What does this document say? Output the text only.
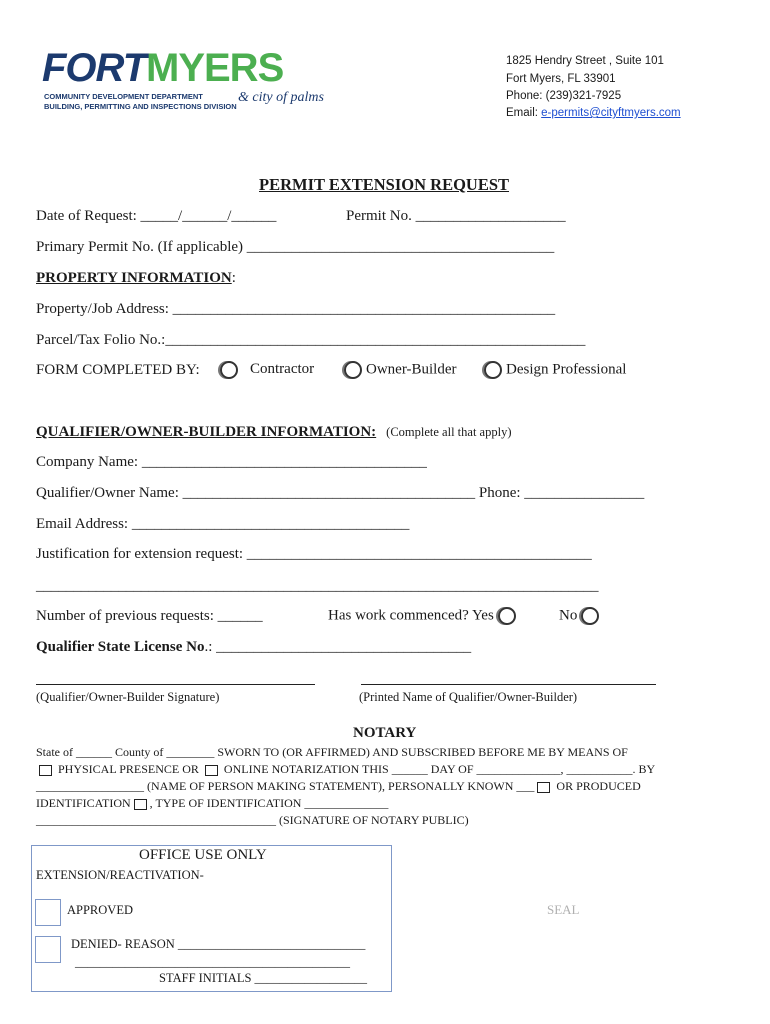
FORT MYERS
COMMUNITY DEVELOPMENT DEPARTMENT
BUILDING, PERMITTING AND INSPECTIONS DIVISION
& city of palms
1825 Hendry Street , Suite 101
Fort Myers, FL 33901
Phone: (239)321-7925
Email: e-permits@cityftmyers.com
PERMIT EXTENSION REQUEST
Date of Request: _____/______/______	Permit No. ____________________
Primary Permit No. (If applicable) _________________________________________
PROPERTY INFORMATION:
Property/Job Address: ___________________________________________________
Parcel/Tax Folio No.:________________________________________________________
FORM COMPLETED BY:	Contractor	Owner-Builder	Design Professional
QUALIFIER/OWNER-BUILDER INFORMATION: (Complete all that apply)
Company Name: ______________________________________
Qualifier/Owner Name: _______________________________________ Phone: ________________
Email Address: _____________________________________
Justification for extension request: ______________________________________________
___________________________________________________________________________
Number of previous requests: ______	Has work commenced? Yes	No
Qualifier State License No.: __________________________________
(Qualifier/Owner-Builder Signature)	(Printed Name of Qualifier/Owner-Builder)
NOTARY
State of ______ County of ________ SWORN TO (OR AFFIRMED) AND SUBSCRIBED BEFORE ME BY MEANS OF
PHYSICAL PRESENCE OR ONLINE NOTARIZATION THIS ______ DAY OF ______________, ___________. BY
__________________ (NAME OF PERSON MAKING STATEMENT), PERSONALLY KNOWN ___ OR PRODUCED
IDENTIFICATION , TYPE OF IDENTIFICATION ______________
________________________________________ (SIGNATURE OF NOTARY PUBLIC)
OFFICE USE ONLY
EXTENSION/REACTIVATION-
APPROVED
DENIED- REASON ______________________________
____________________________________________
STAFF INITIALS __________________
SEAL
